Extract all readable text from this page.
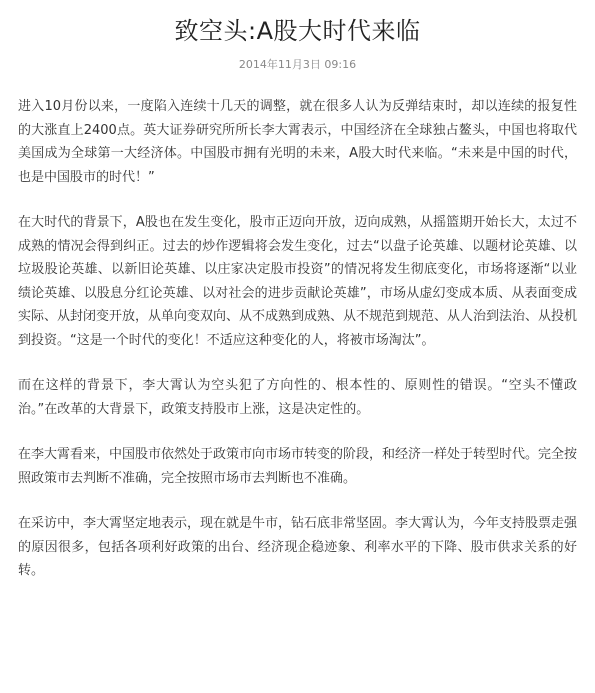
致空头:A股大时代来临
2014年11月3日 09:16

进入10月份以来，一度陷入连续十几天的调整，就在很多人认为反弹结束时，却以连续的报复性的大涨直上2400点。英大证券研究所所长李大霄表示，中国经济在全球独占鳌头，中国也将取代美国成为全球第一大经济体。中国股市拥有光明的未来，A股大时代来临。“未来是中国的时代，也是中国股市的时代！”

在大时代的背景下，A股也在发生变化，股市正迈向开放，迈向成熟，从摇篮期开始长大，太过不成熟的情况会得到纠正。过去的炒作逻辑将会发生变化，过去“以盘子论英雄、以题材论英雄、以垃圾股论英雄、以新旧论英雄、以庄家决定股市投资”的情况将发生彻底变化，市场将逐渐“以业绩论英雄、以股息分红论英雄、以对社会的进步贡献论英雄”，市场从虚幻变成本质、从表面变成实际、从封闭变开放，从单向变双向、从不成熟到成熟、从不规范到规范、从人治到法治、从投机到投资。“这是一个时代的变化！不适应这种变化的人，将被市场淘汰”。

而在这样的背景下，李大霄认为空头犯了方向性的、根本性的、原则性的错误。“空头不懂政治。”在改革的大背景下，政策支持股市上涨，这是决定性的。

在李大霄看来，中国股市依然处于政策市向市场市转变的阶段，和经济一样处于转型时代。完全按照政策市去判断不准确，完全按照市场市去判断也不准确。

在采访中，李大霄坚定地表示，现在就是牛市，钻石底非常坚固。李大霄认为，今年支持股票走强的原因很多，包括各项利好政策的出台、经济现企稳迹象、利率水平的下降、股市供求关系的好转。
